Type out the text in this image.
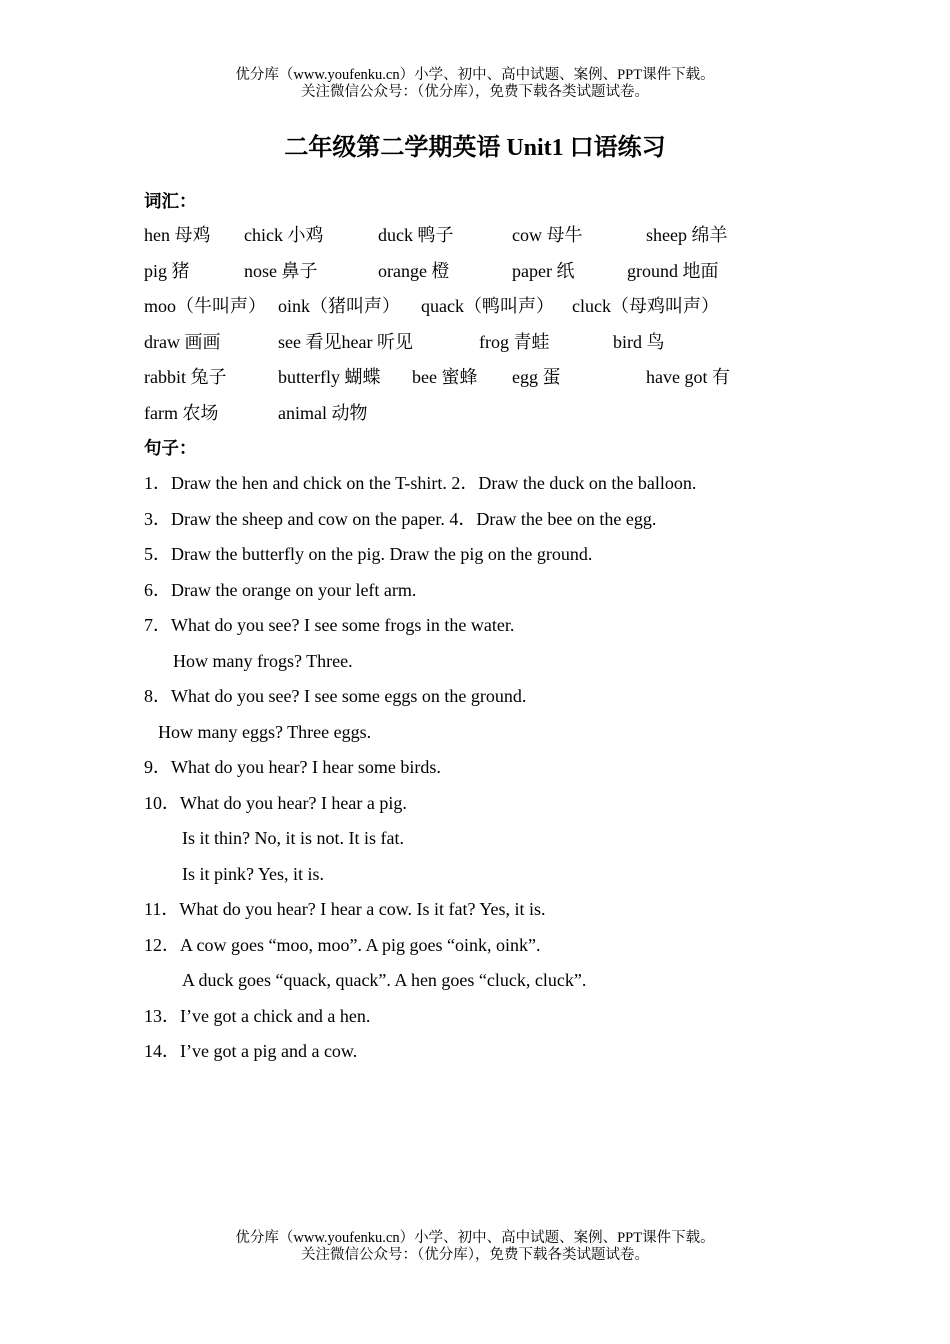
优分库（www.youfenku.cn）小学、初中、高中试题、案例、PPT课件下载。
关注微信公众号：（优分库），免费下载各类试题试卷。
二年级第二学期英语 Unit1 口语练习
词汇：
hen 母鸡 chick 小鸡	duck 鸭子	cow 母牛	sheep 绵羊
pig 猪	nose 鼻子	orange 橙	paper 纸	ground 地面
moo（牛叫声） oink（猪叫声） quack（鸭叫声） cluck（母鸡叫声）
draw 画画	see 看见hear 听见	frog 青蛙	bird 鸟
rabbit 兔子	butterfly 蝴蝶 bee 蜜蜂 egg 蛋	have got 有
farm 农场	animal 动物
句子：
1．Draw the hen and chick on the T-shirt. 2．Draw the duck on the balloon.
3．Draw the sheep and cow on the paper. 4．Draw the bee on the egg.
5．Draw the butterfly on the pig. Draw the pig on the ground.
6．Draw the orange on your left arm.
7．What do you see? I see some frogs in the water.
How many frogs? Three.
8．What do you see? I see some eggs on the ground.
How many eggs? Three eggs.
9．What do you hear? I hear some birds.
10．What do you hear? I hear a pig.
Is it thin? No, it is not. It is fat.
Is it pink? Yes, it is.
11．What do you hear? I hear a cow. Is it fat? Yes, it is.
12．A cow goes “moo, moo”. A pig goes “oink, oink”.
A duck goes “quack, quack”. A hen goes “cluck, cluck”.
13．I’ve got a chick and a hen.
14．I’ve got a pig and a cow.
优分库（www.youfenku.cn）小学、初中、高中试题、案例、PPT课件下载。
关注微信公众号：（优分库），免费下载各类试题试卷。
